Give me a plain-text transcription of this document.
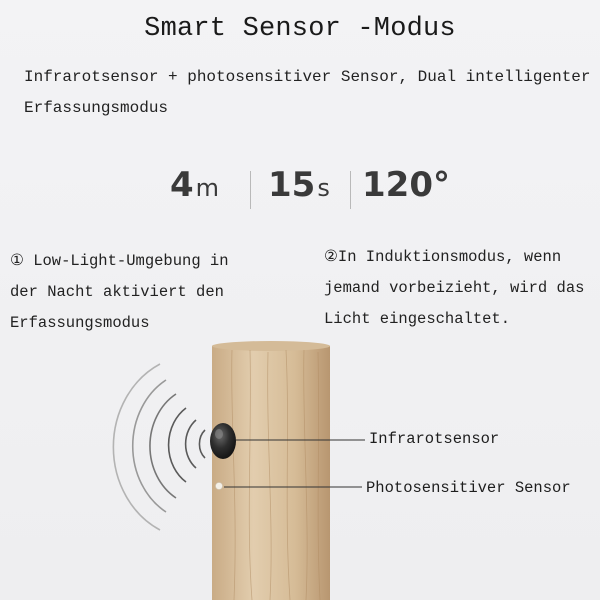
Smart Sensor -Modus
Infrarotsensor + photosensitiver Sensor, Dual intelligenter Erfassungsmodus
4m 15s 120°
① Low-Light-Umgebung in der Nacht aktiviert den Erfassungsmodus
②In Induktionsmodus, wenn jemand vorbeizieht, wird das Licht eingeschaltet.
Infrarotsensor
Photosensitiver Sensor
